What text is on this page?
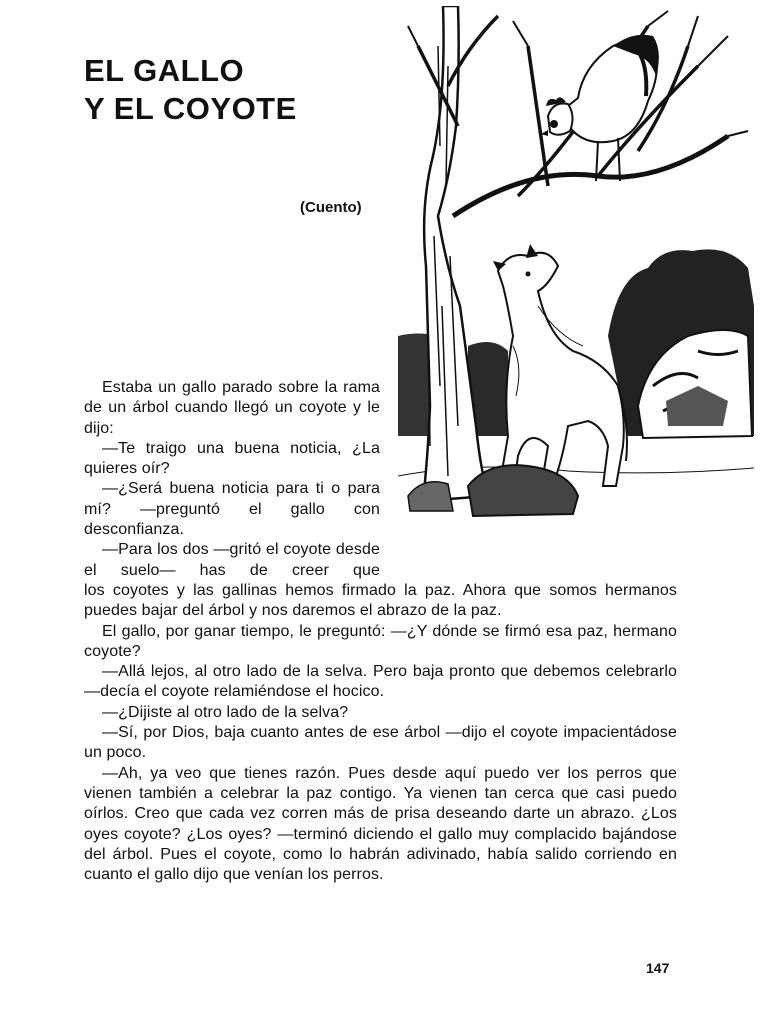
EL GALLO
Y EL COYOTE
(Cuento)

Estaba un gallo parado sobre la rama de un árbol cuando llegó un coyote y le dijo:

—Te traigo una buena noticia, ¿La quieres oír?

—¿Será buena noticia para ti o para mí? —preguntó el gallo con desconfianza.

—Para los dos —gritó el coyote desde el suelo— has de creer que

los coyotes y las gallinas hemos firmado la paz. Ahora que somos hermanos puedes bajar del árbol y nos daremos el abrazo de la paz.

El gallo, por ganar tiempo, le preguntó: —¿Y dónde se firmó esa paz, hermano coyote?

—Allá lejos, al otro lado de la selva. Pero baja pronto que debemos celebrarlo —decía el coyote relamiéndose el hocico.

—¿Dijiste al otro lado de la selva?

—Sí, por Dios, baja cuanto antes de ese árbol —dijo el coyote impacientádose un poco.

—Ah, ya veo que tienes razón. Pues desde aquí puedo ver los perros que vienen también a celebrar la paz contigo. Ya vienen tan cerca que casi puedo oírlos. Creo que cada vez corren más de prisa deseando darte un abrazo. ¿Los oyes coyote? ¿Los oyes? —terminó diciendo el gallo muy complacido bajándose del árbol. Pues el coyote, como lo habrán adivinado, había salido corriendo en cuanto el gallo dijo que venían los perros.

147
